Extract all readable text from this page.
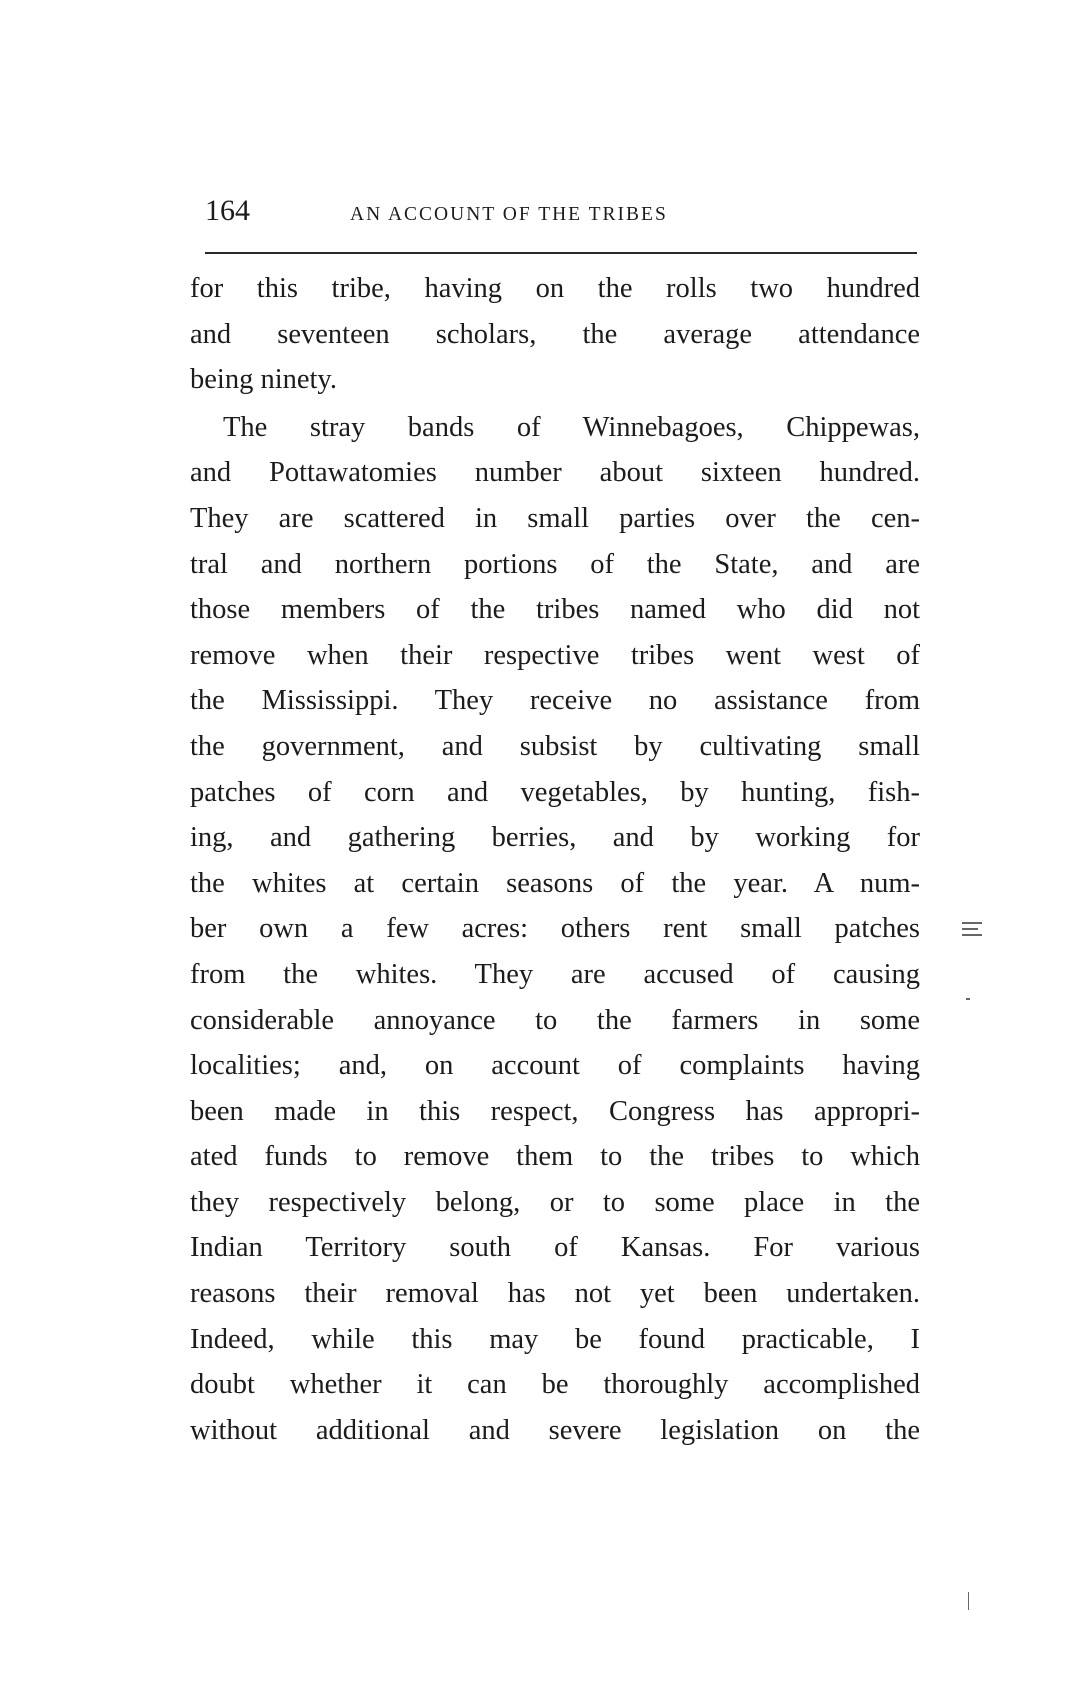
164	AN ACCOUNT OF THE TRIBES
for this tribe, having on the rolls two hundred
and seventeen scholars, the average attendance
being ninety.
The stray bands of Winnebagoes, Chippewas,
and Pottawatomies number about sixteen hundred.
They are scattered in small parties over the cen-
tral and northern portions of the State, and are
those members of the tribes named who did not
remove when their respective tribes went west of
the Mississippi. They receive no assistance from
the government, and subsist by cultivating small
patches of corn and vegetables, by hunting, fish-
ing, and gathering berries, and by working for
the whites at certain seasons of the year. A num-
ber own a few acres: others rent small patches
from the whites. They are accused of causing
considerable annoyance to the farmers in some
localities; and, on account of complaints having
been made in this respect, Congress has appropri-
ated funds to remove them to the tribes to which
they respectively belong, or to some place in the
Indian Territory south of Kansas. For various
reasons their removal has not yet been undertaken.
Indeed, while this may be found practicable, I
doubt whether it can be thoroughly accomplished
without additional and severe legislation on the
